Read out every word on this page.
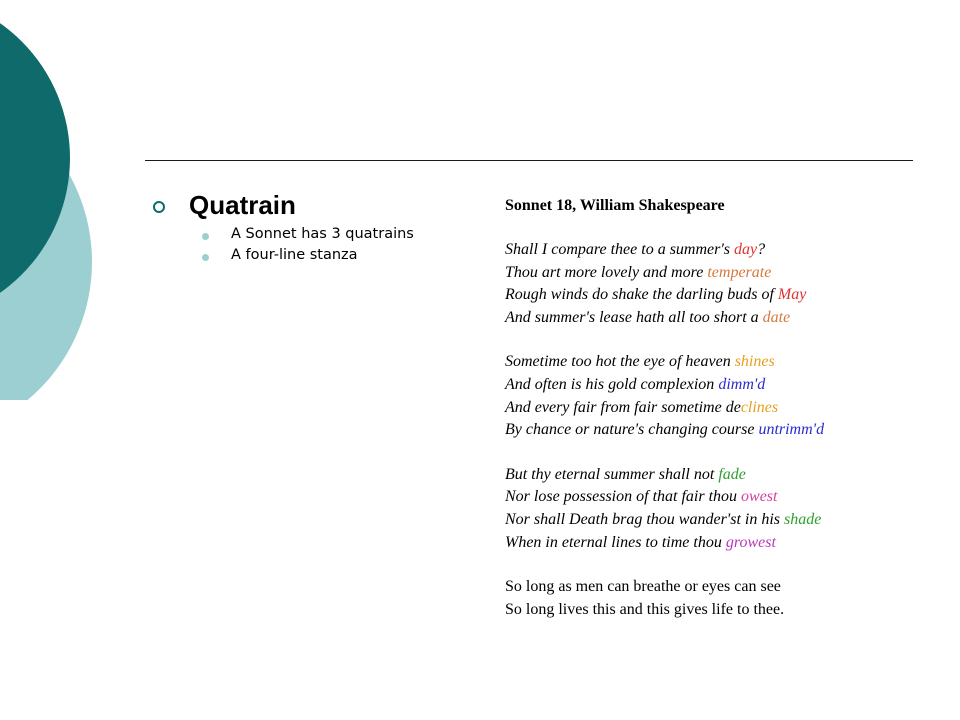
Quatrain
A Sonnet has 3 quatrains
A four-line stanza
Sonnet 18, William Shakespeare
Shall I compare thee to a summer's day?
Thou art more lovely and more temperate
Rough winds do shake the darling buds of May
And summer's lease hath all too short a date
Sometime too hot the eye of heaven shines
And often is his gold complexion dimm'd
And every fair from fair sometime declines
By chance or nature's changing course untrimm'd
But thy eternal summer shall not fade
Nor lose possession of that fair thou owest
Nor shall Death brag thou wander'st in his shade
When in eternal lines to time thou growest
So long as men can breathe or eyes can see
So long lives this and this gives life to thee.
